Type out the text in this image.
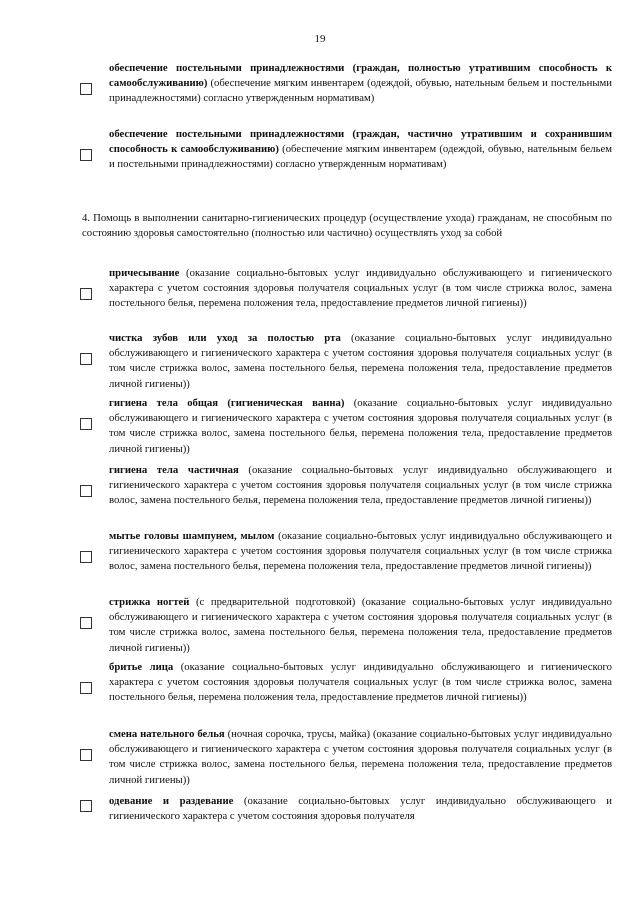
19
обеспечение постельными принадлежностями (граждан, полностью утратившим способность к самообслуживанию) (обеспечение мягким инвентарем (одеждой, обувью, нательным бельем и постельными принадлежностями) согласно утвержденным нормативам)
обеспечение постельными принадлежностями (граждан, частично утратившим и сохранившим способность к самообслуживанию) (обеспечение мягким инвентарем (одеждой, обувью, нательным бельем и постельными принадлежностями) согласно утвержденным нормативам)
4. Помощь в выполнении санитарно-гигиенических процедур (осуществление ухода) гражданам, не способным по состоянию здоровья самостоятельно (полностью или частично) осуществлять уход за собой
причесывание (оказание социально-бытовых услуг индивидуально обслуживающего и гигиенического характера с учетом состояния здоровья получателя социальных услуг (в том числе стрижка волос, замена постельного белья, перемена положения тела, предоставление предметов личной гигиены))
чистка зубов или уход за полостью рта (оказание социально-бытовых услуг индивидуально обслуживающего и гигиенического характера с учетом состояния здоровья получателя социальных услуг (в том числе стрижка волос, замена постельного белья, перемена положения тела, предоставление предметов личной гигиены))
гигиена тела общая (гигиеническая ванна) (оказание социально-бытовых услуг индивидуально обслуживающего и гигиенического характера с учетом состояния здоровья получателя социальных услуг (в том числе стрижка волос, замена постельного белья, перемена положения тела, предоставление предметов личной гигиены))
гигиена тела частичная (оказание социально-бытовых услуг индивидуально обслуживающего и гигиенического характера с учетом состояния здоровья получателя социальных услуг (в том числе стрижка волос, замена постельного белья, перемена положения тела, предоставление предметов личной гигиены))
мытье головы шампунем, мылом (оказание социально-бытовых услуг индивидуально обслуживающего и гигиенического характера с учетом состояния здоровья получателя социальных услуг (в том числе стрижка волос, замена постельного белья, перемена положения тела, предоставление предметов личной гигиены))
стрижка ногтей (с предварительной подготовкой) (оказание социально-бытовых услуг индивидуально обслуживающего и гигиенического характера с учетом состояния здоровья получателя социальных услуг (в том числе стрижка волос, замена постельного белья, перемена положения тела, предоставление предметов личной гигиены))
бритье лица (оказание социально-бытовых услуг индивидуально обслуживающего и гигиенического характера с учетом состояния здоровья получателя социальных услуг (в том числе стрижка волос, замена постельного белья, перемена положения тела, предоставление предметов личной гигиены))
смена нательного белья (ночная сорочка, трусы, майка) (оказание социально-бытовых услуг индивидуально обслуживающего и гигиенического характера с учетом состояния здоровья получателя социальных услуг (в том числе стрижка волос, замена постельного белья, перемена положения тела, предоставление предметов личной гигиены))
одевание и раздевание (оказание социально-бытовых услуг индивидуально обслуживающего и гигиенического характера с учетом состояния здоровья получателя
